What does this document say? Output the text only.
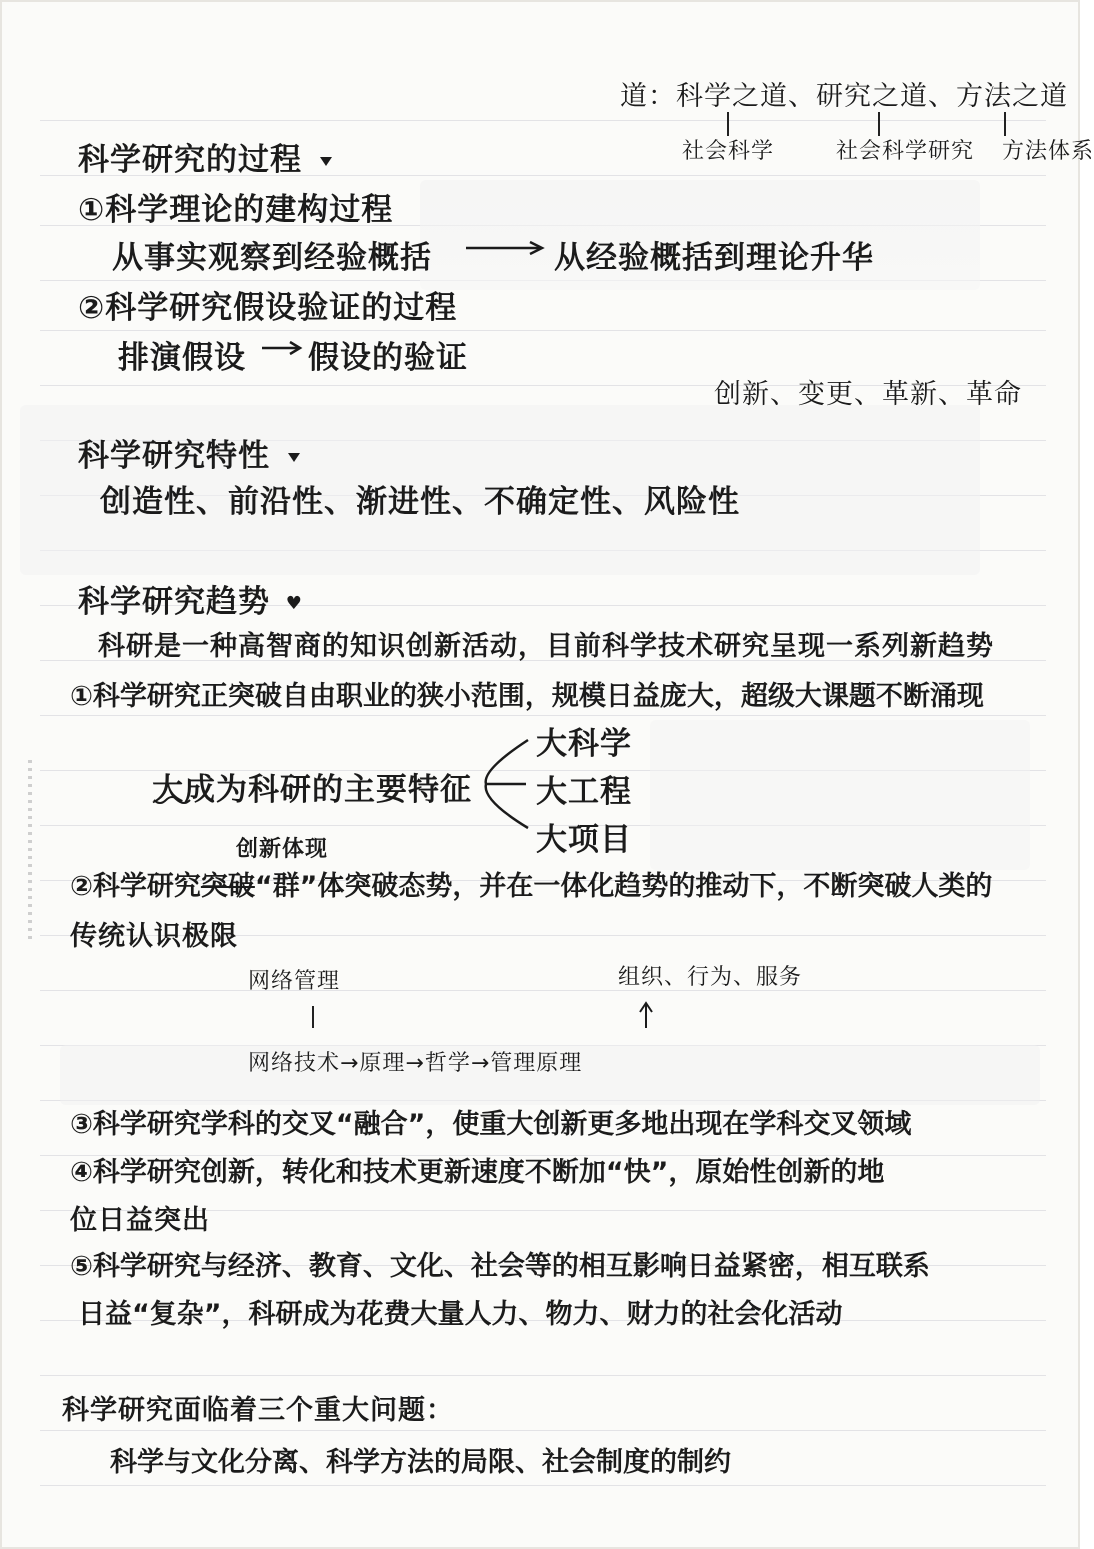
道：科学之道、研究之道、方法之道
社会科学	社会科学研究 方法体系
科学研究的过程
①科学理论的建构过程
从事实观察到经验概括	从经验概括到理论升华
②科学研究假设验证的过程
排演假设 假设的验证
创新、变更、革新、革命
科学研究特性
创造性、前沿性、渐进性、不确定性、风险性
科学研究趋势 ♥
科研是一种高智商的知识创新活动，目前科学技术研究呈现一系列新趋势
①科学研究正突破自由职业的狭小范围，规模日益庞大，超级大课题不断涌现
大成为科研的主要特征
大科学
大工程
大项目
创新体现
②科学研究突破“群”体突破态势，并在一体化趋势的推动下，不断突破人类的
传统认识极限
网络管理	组织、行为、服务
网络技术→原理→哲学→管理原理
③科学研究学科的交叉“融合”，使重大创新更多地出现在学科交叉领域
④科学研究创新，转化和技术更新速度不断加“快”，原始性创新的地
位日益突出
⑤科学研究与经济、教育、文化、社会等的相互影响日益紧密，相互联系
日益“复杂”，科研成为花费大量人力、物力、财力的社会化活动
科学研究面临着三个重大问题：
科学与文化分离、科学方法的局限、社会制度的制约
